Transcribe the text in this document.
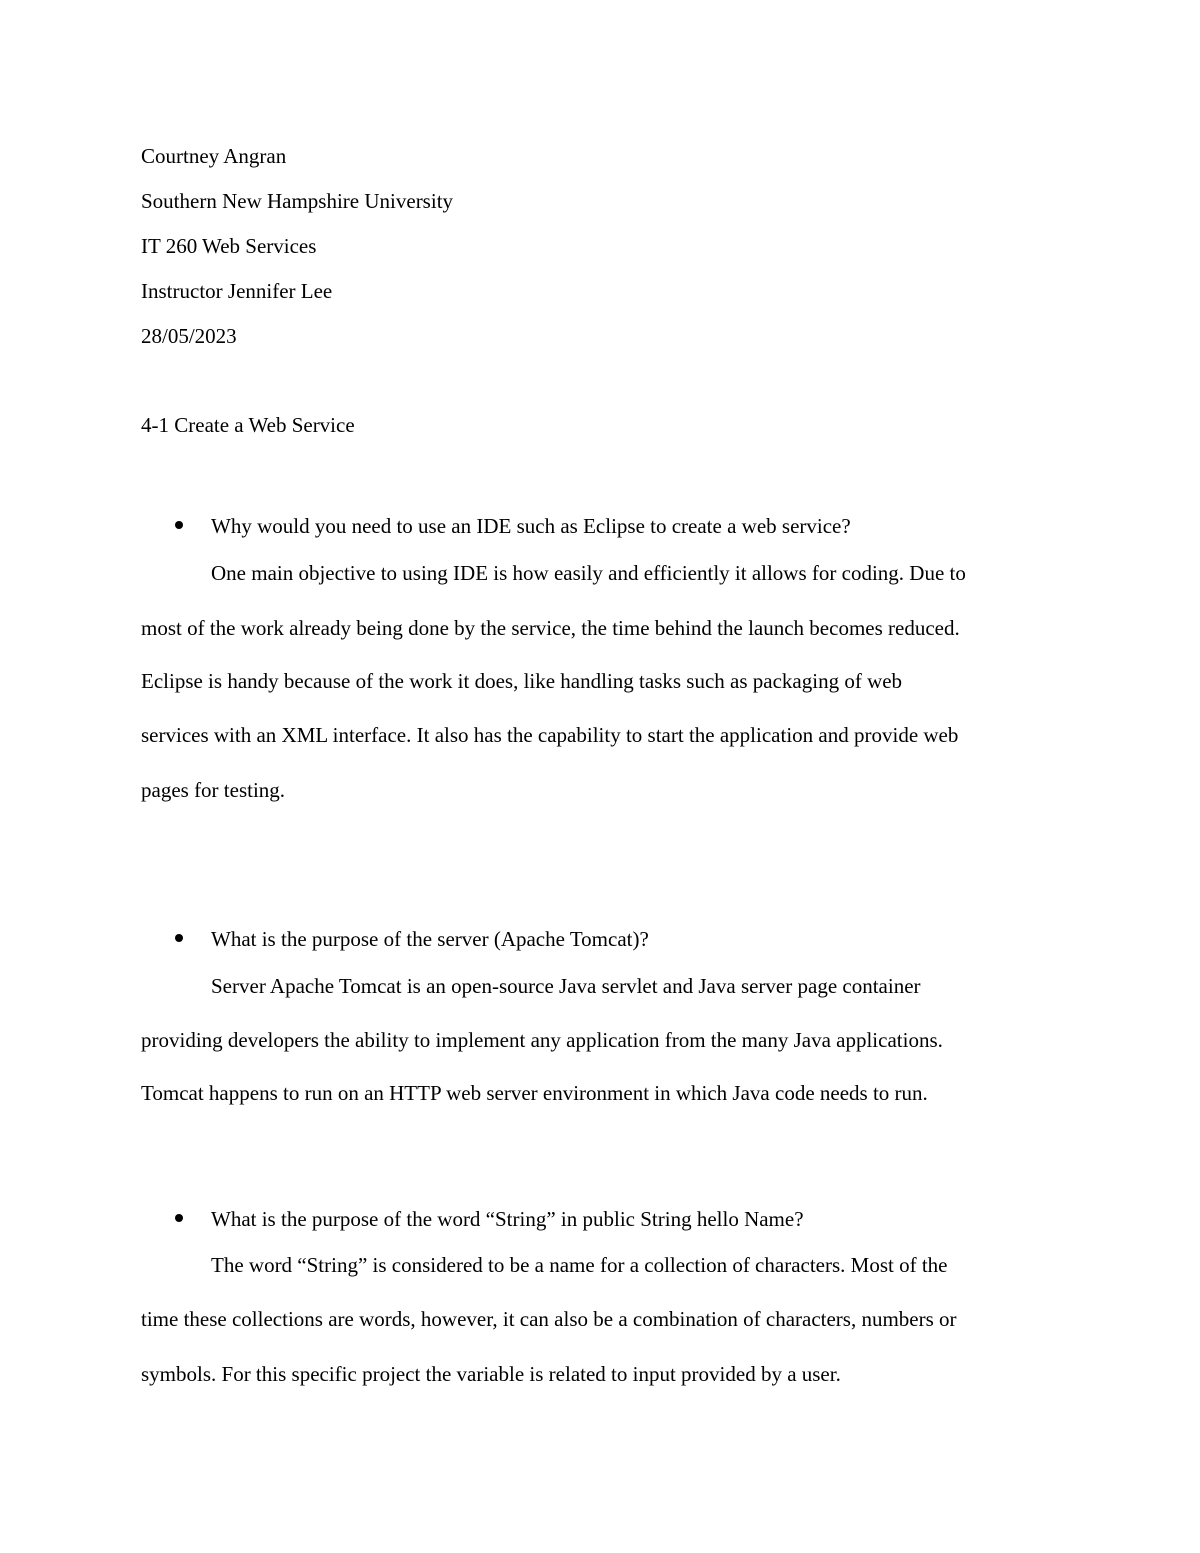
Courtney Angran
Southern New Hampshire University
IT 260 Web Services
Instructor Jennifer Lee
28/05/2023
4-1 Create a Web Service
Why would you need to use an IDE such as Eclipse to create a web service?
One main objective to using IDE is how easily and efficiently it allows for coding. Due to
most of the work already being done by the service, the time behind the launch becomes reduced.
Eclipse is handy because of the work it does, like handling tasks such as packaging of web
services with an XML interface. It also has the capability to start the application and provide web
pages for testing.
What is the purpose of the server (Apache Tomcat)?
Server Apache Tomcat is an open-source Java servlet and Java server page container
providing developers the ability to implement any application from the many Java applications.
Tomcat happens to run on an HTTP web server environment in which Java code needs to run.
What is the purpose of the word “String” in public String hello Name?
The word “String” is considered to be a name for a collection of characters. Most of the
time these collections are words, however, it can also be a combination of characters, numbers or
symbols. For this specific project the variable is related to input provided by a user.
